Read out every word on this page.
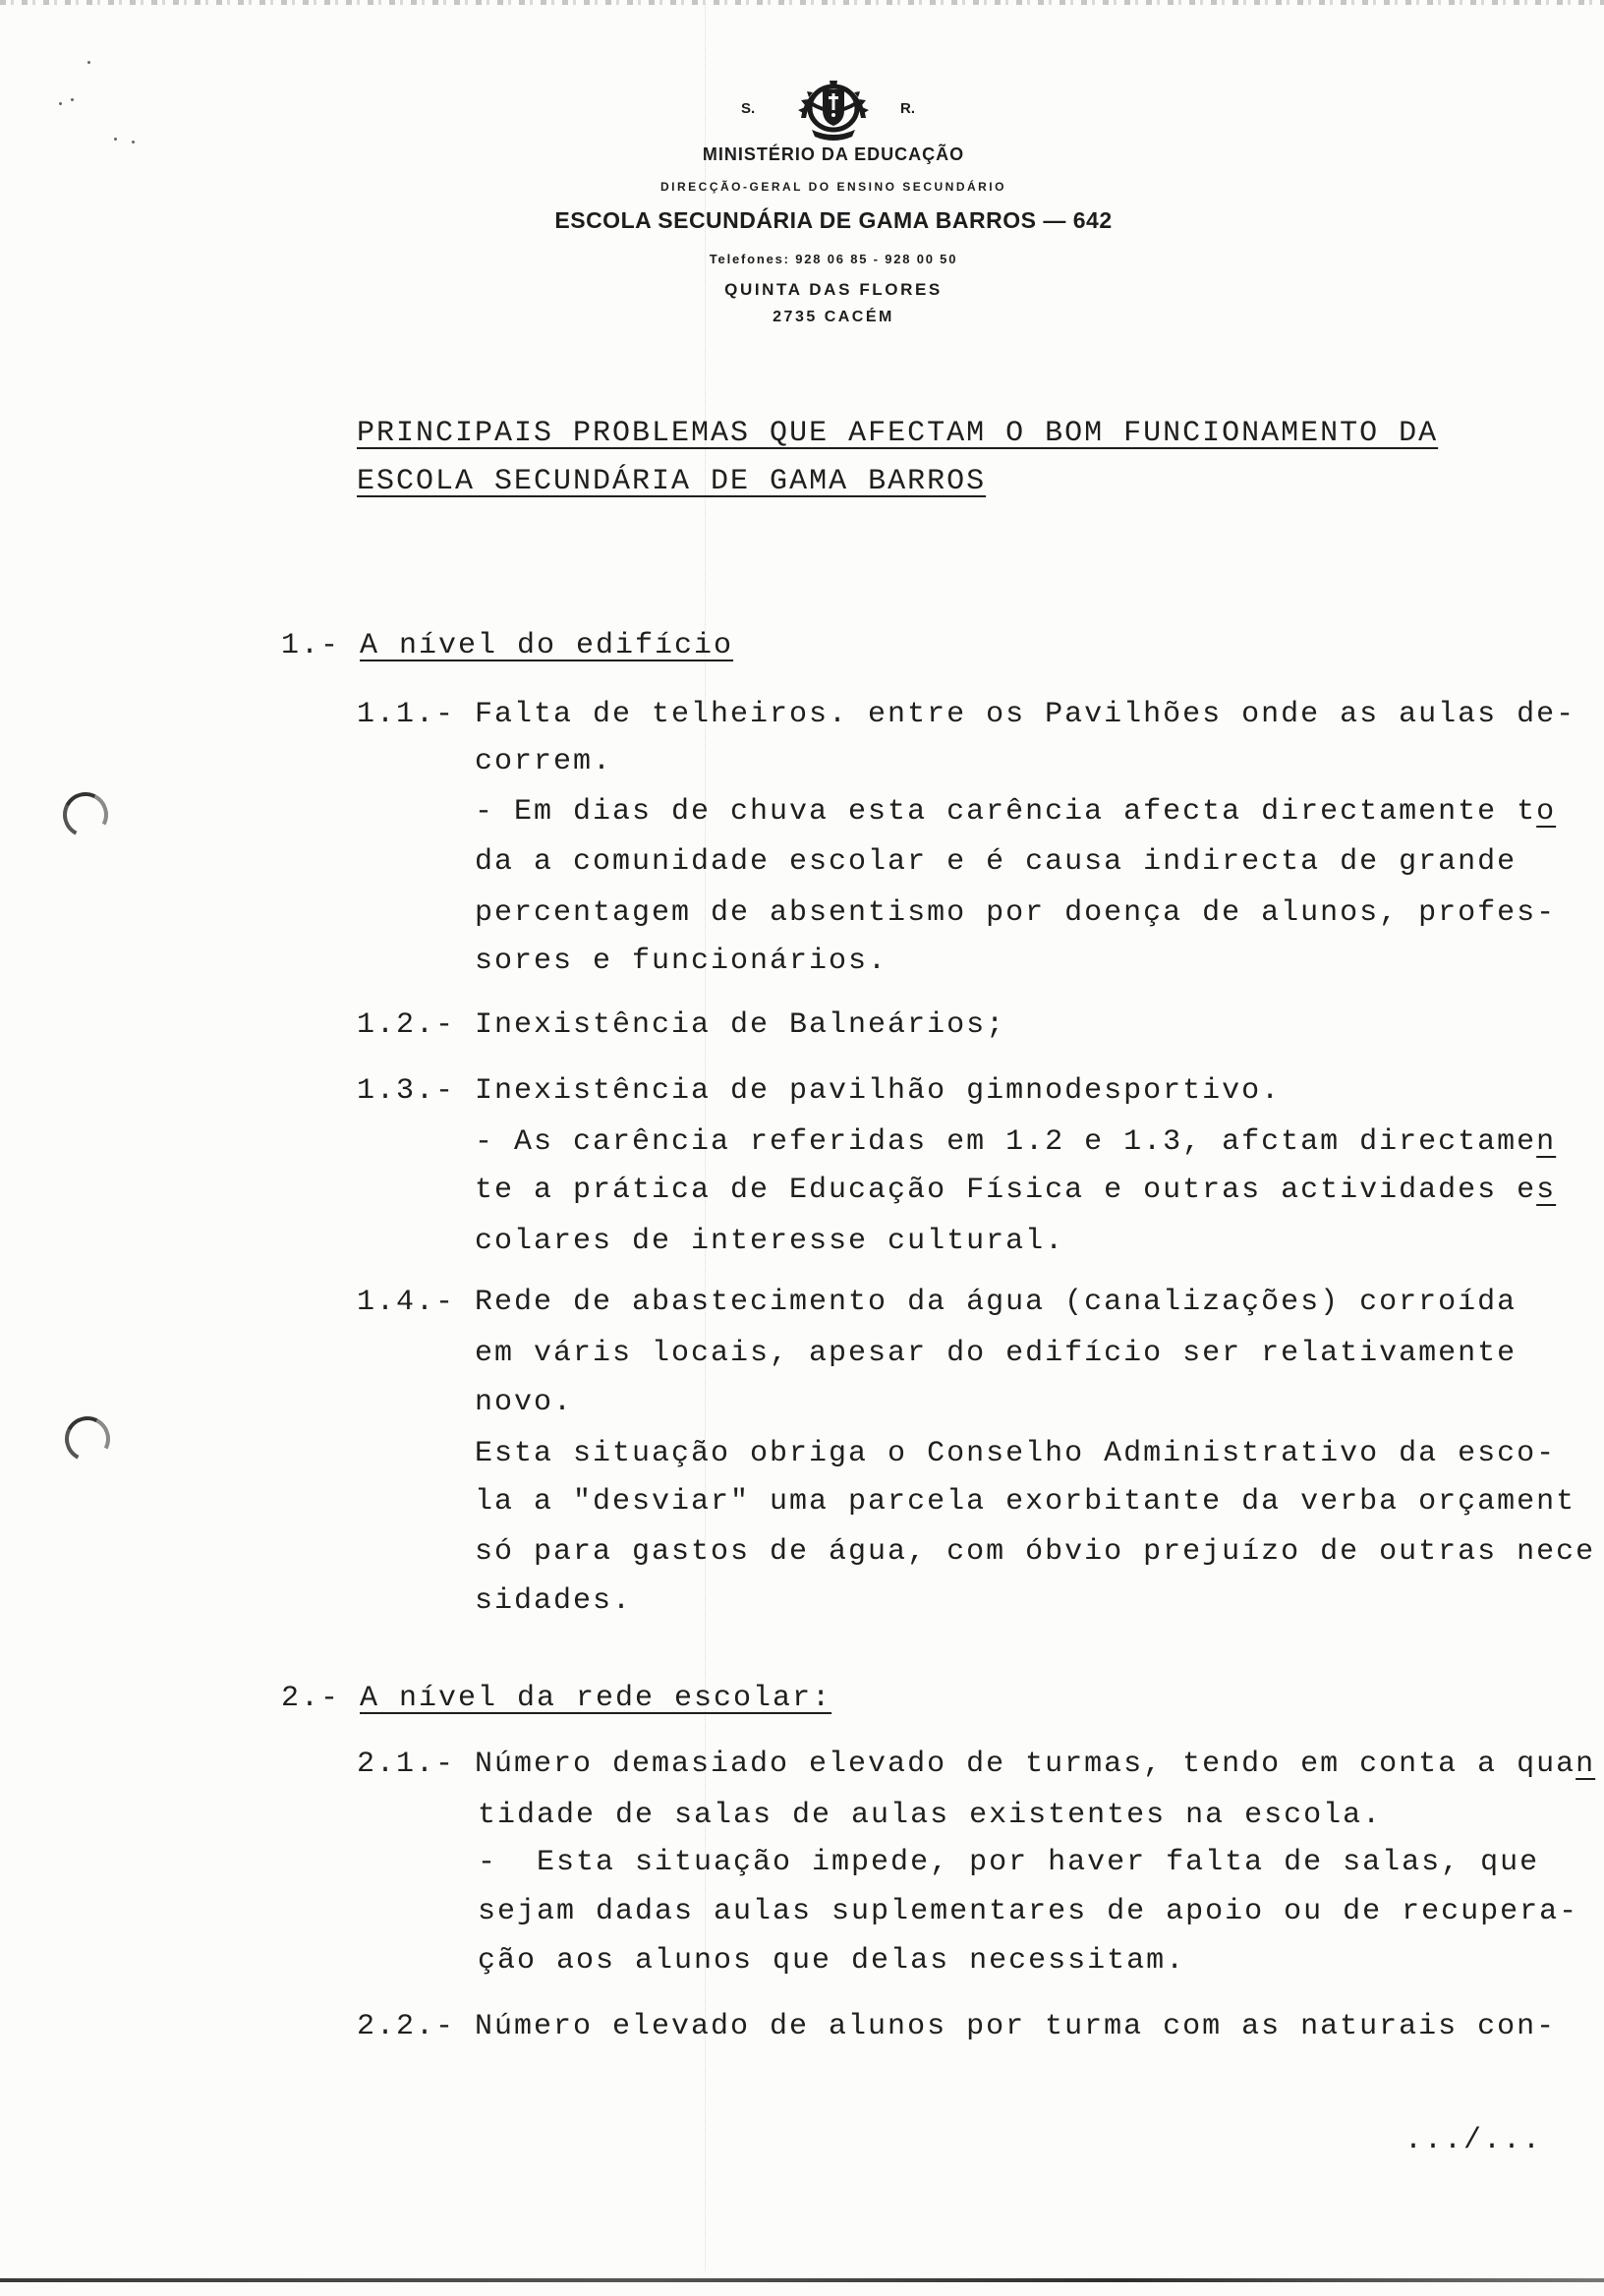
S.	R.
MINISTÉRIO DA EDUCAÇÃO
DIRECÇÃO-GERAL DO ENSINO SECUNDÁRIO
ESCOLA SECUNDÁRIA DE GAMA BARROS — 642
Telefones: 928 06 85 - 928 00 50
QUINTA DAS FLORES
2735 CACÉM
PRINCIPAIS PROBLEMAS QUE AFECTAM O BOM FUNCIONAMENTO DA
ESCOLA SECUNDÁRIA DE GAMA BARROS
1.- A nível do edifício
1.1.- Falta de telheiros. entre os Pavilhões onde as aulas de-
correm.
- Em dias de chuva esta carência afecta directamente to
da a comunidade escolar e é causa indirecta de grande
percentagem de absentismo por doença de alunos, profes-
sores e funcionários.
1.2.- Inexistência de Balneários;
1.3.- Inexistência de pavilhão gimnodesportivo.
- As carência referidas em 1.2 e 1.3, afctam directamen
te a prática de Educação Física e outras actividades es
colares de interesse cultural.
1.4.- Rede de abastecimento da água (canalizações) corroída
em váris locais, apesar do edifício ser relativamente
novo.
Esta situação obriga o Conselho Administrativo da esco-
la a "desviar" uma parcela exorbitante da verba orçament
só para gastos de água, com óbvio prejuízo de outras nece
sidades.
2.- A nível da rede escolar:
2.1.- Número demasiado elevado de turmas, tendo em conta a quan
tidade de salas de aulas existentes na escola.
-  Esta situação impede, por haver falta de salas, que
sejam dadas aulas suplementares de apoio ou de recupera-
ção aos alunos que delas necessitam.
2.2.- Número elevado de alunos por turma com as naturais con-
.../...
